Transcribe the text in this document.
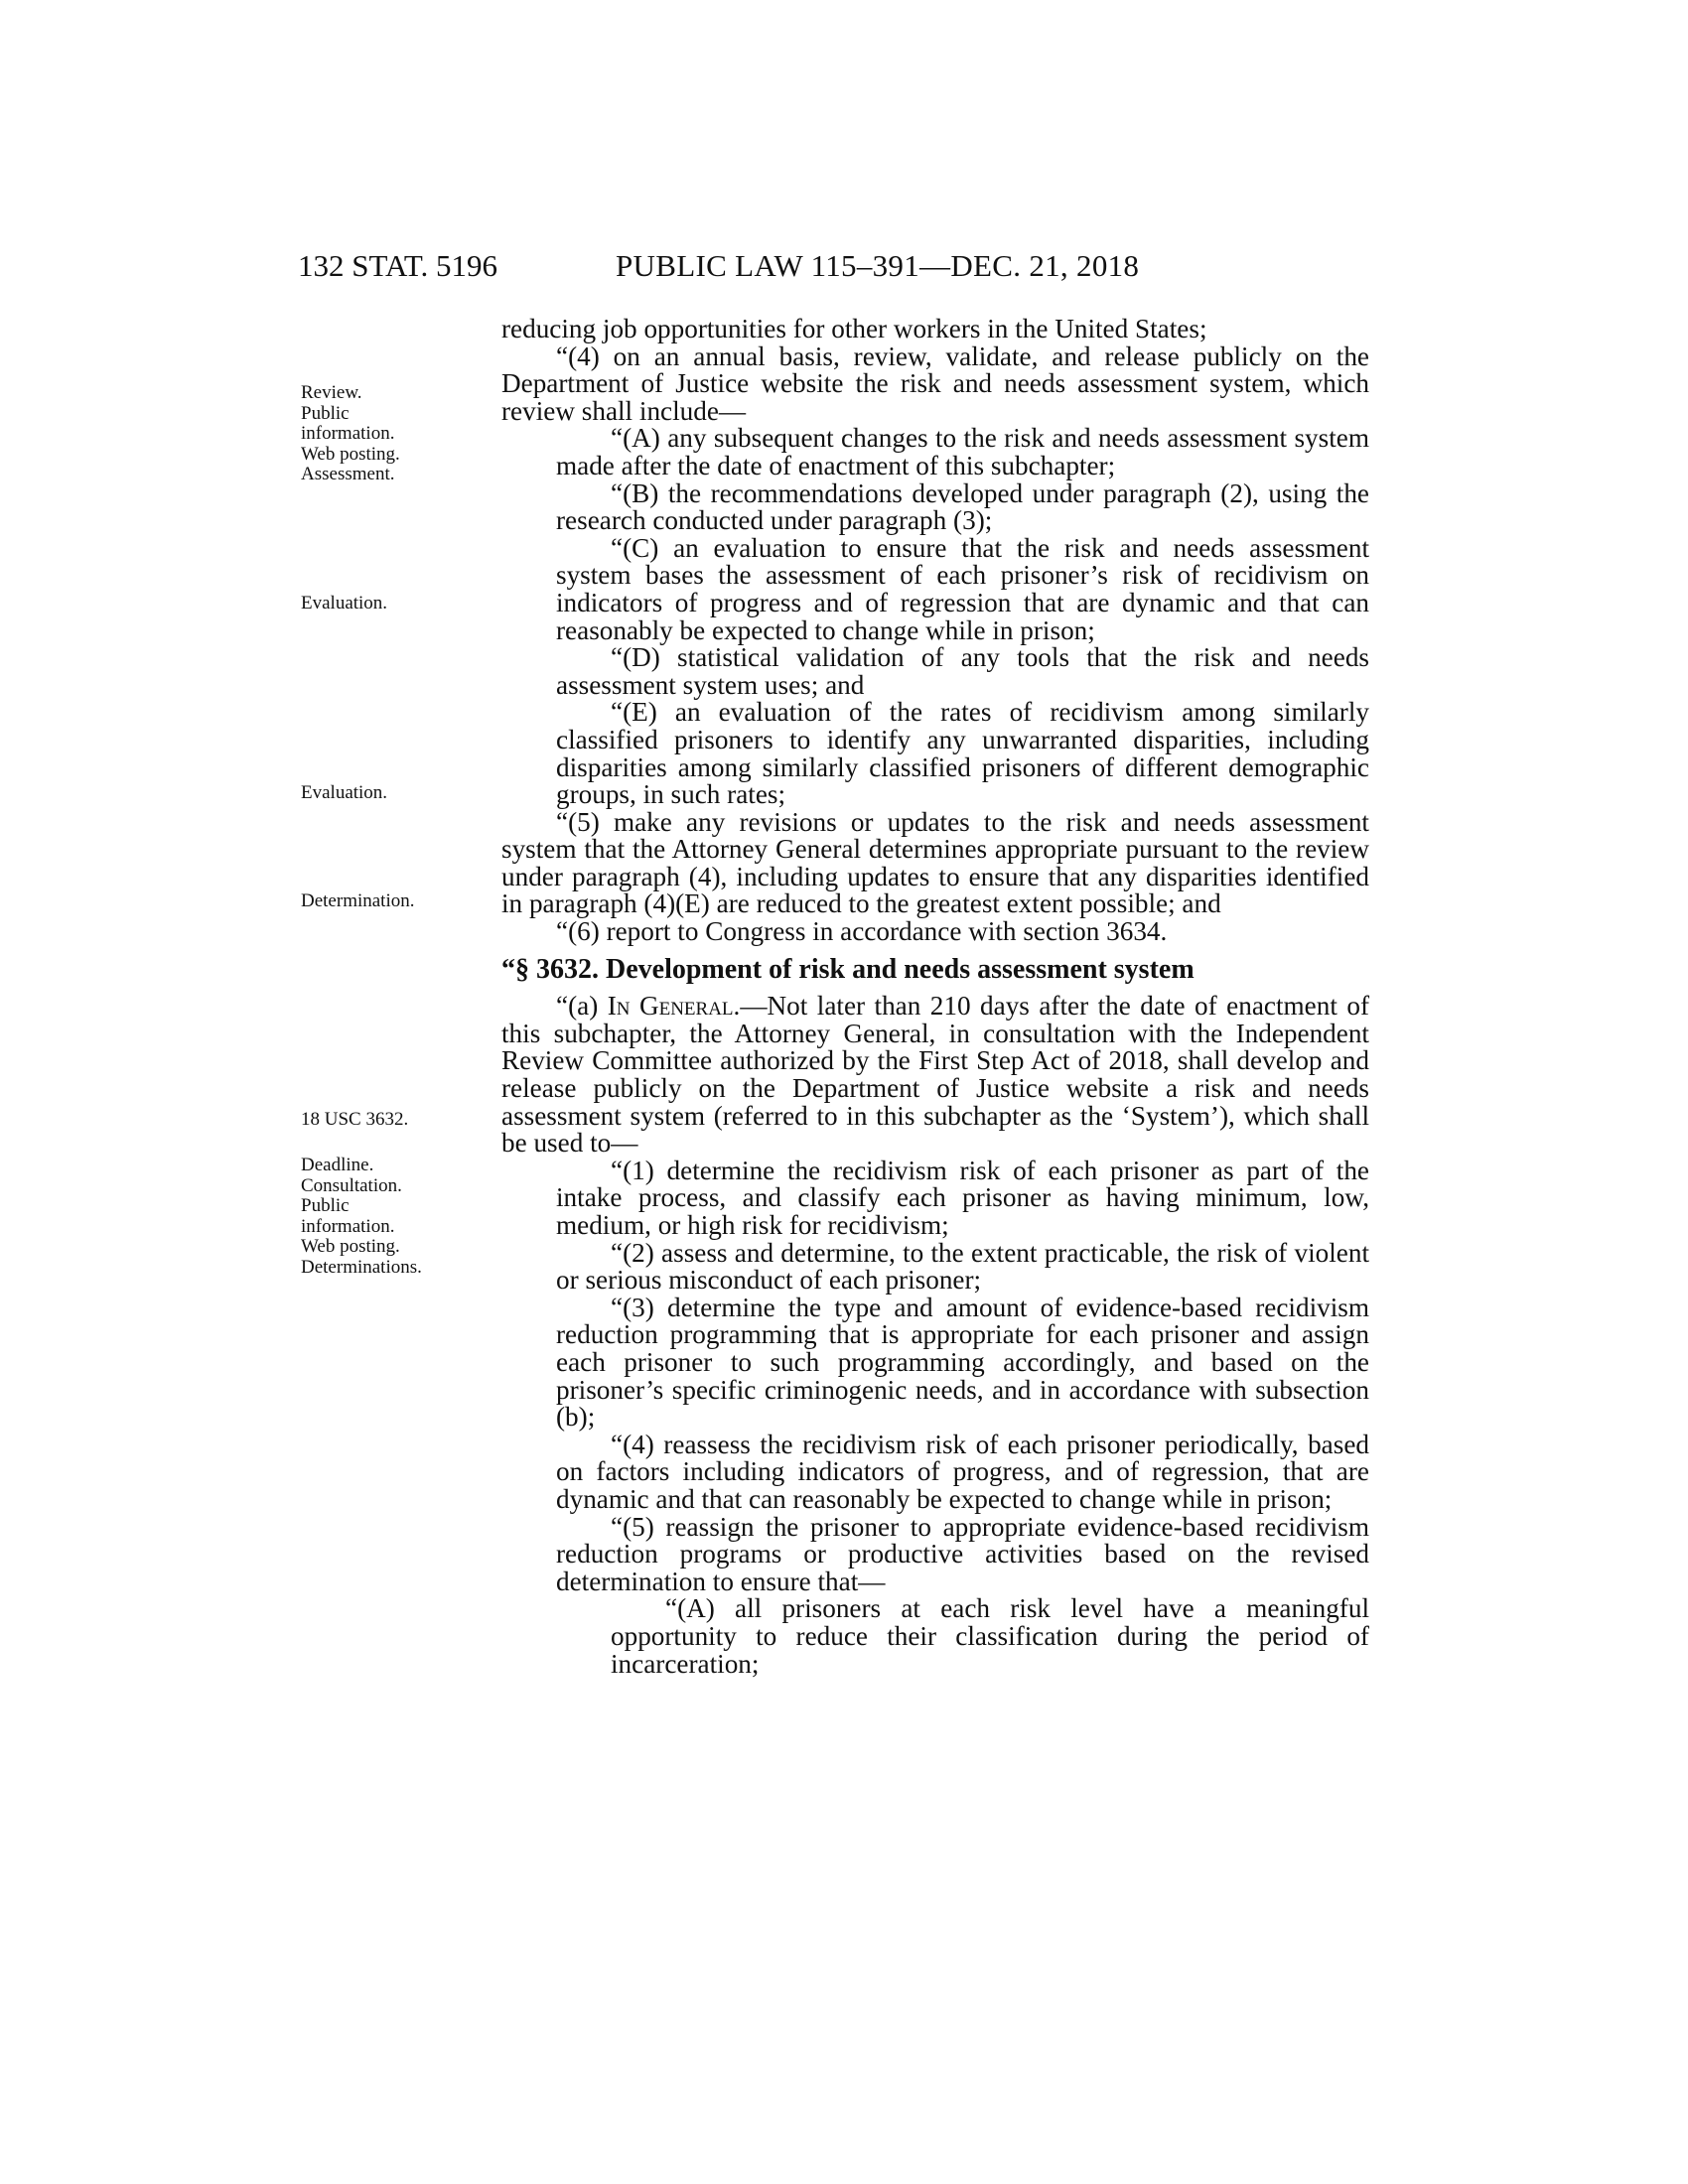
132 STAT. 5196	PUBLIC LAW 115–391—DEC. 21, 2018
Review.
Public
information.
Web posting.
Assessment.
Evaluation.
Evaluation.
Determination.
18 USC 3632.
Deadline.
Consultation.
Public
information.
Web posting.
Determinations.

reducing job opportunities for other workers in the United States;

“(4) on an annual basis, review, validate, and release publicly on the Department of Justice website the risk and needs assessment system, which review shall include—

“(A) any subsequent changes to the risk and needs assessment system made after the date of enactment of this subchapter;

“(B) the recommendations developed under paragraph (2), using the research conducted under paragraph (3);

“(C) an evaluation to ensure that the risk and needs assessment system bases the assessment of each prisoner’s risk of recidivism on indicators of progress and of regression that are dynamic and that can reasonably be expected to change while in prison;

“(D) statistical validation of any tools that the risk and needs assessment system uses; and

“(E) an evaluation of the rates of recidivism among similarly classified prisoners to identify any unwarranted disparities, including disparities among similarly classified prisoners of different demographic groups, in such rates;

“(5) make any revisions or updates to the risk and needs assessment system that the Attorney General determines appropriate pursuant to the review under paragraph (4), including updates to ensure that any disparities identified in paragraph (4)(E) are reduced to the greatest extent possible; and

“(6) report to Congress in accordance with section 3634.

“§ 3632. Development of risk and needs assessment system

“(a) In General.—Not later than 210 days after the date of enactment of this subchapter, the Attorney General, in consultation with the Independent Review Committee authorized by the First Step Act of 2018, shall develop and release publicly on the Department of Justice website a risk and needs assessment system (referred to in this subchapter as the ‘System’), which shall be used to—

“(1) determine the recidivism risk of each prisoner as part of the intake process, and classify each prisoner as having minimum, low, medium, or high risk for recidivism;

“(2) assess and determine, to the extent practicable, the risk of violent or serious misconduct of each prisoner;

“(3) determine the type and amount of evidence-based recidivism reduction programming that is appropriate for each prisoner and assign each prisoner to such programming accordingly, and based on the prisoner’s specific criminogenic needs, and in accordance with subsection (b);

“(4) reassess the recidivism risk of each prisoner periodically, based on factors including indicators of progress, and of regression, that are dynamic and that can reasonably be expected to change while in prison;

“(5) reassign the prisoner to appropriate evidence-based recidivism reduction programs or productive activities based on the revised determination to ensure that—

“(A) all prisoners at each risk level have a meaningful opportunity to reduce their classification during the period of incarceration;
